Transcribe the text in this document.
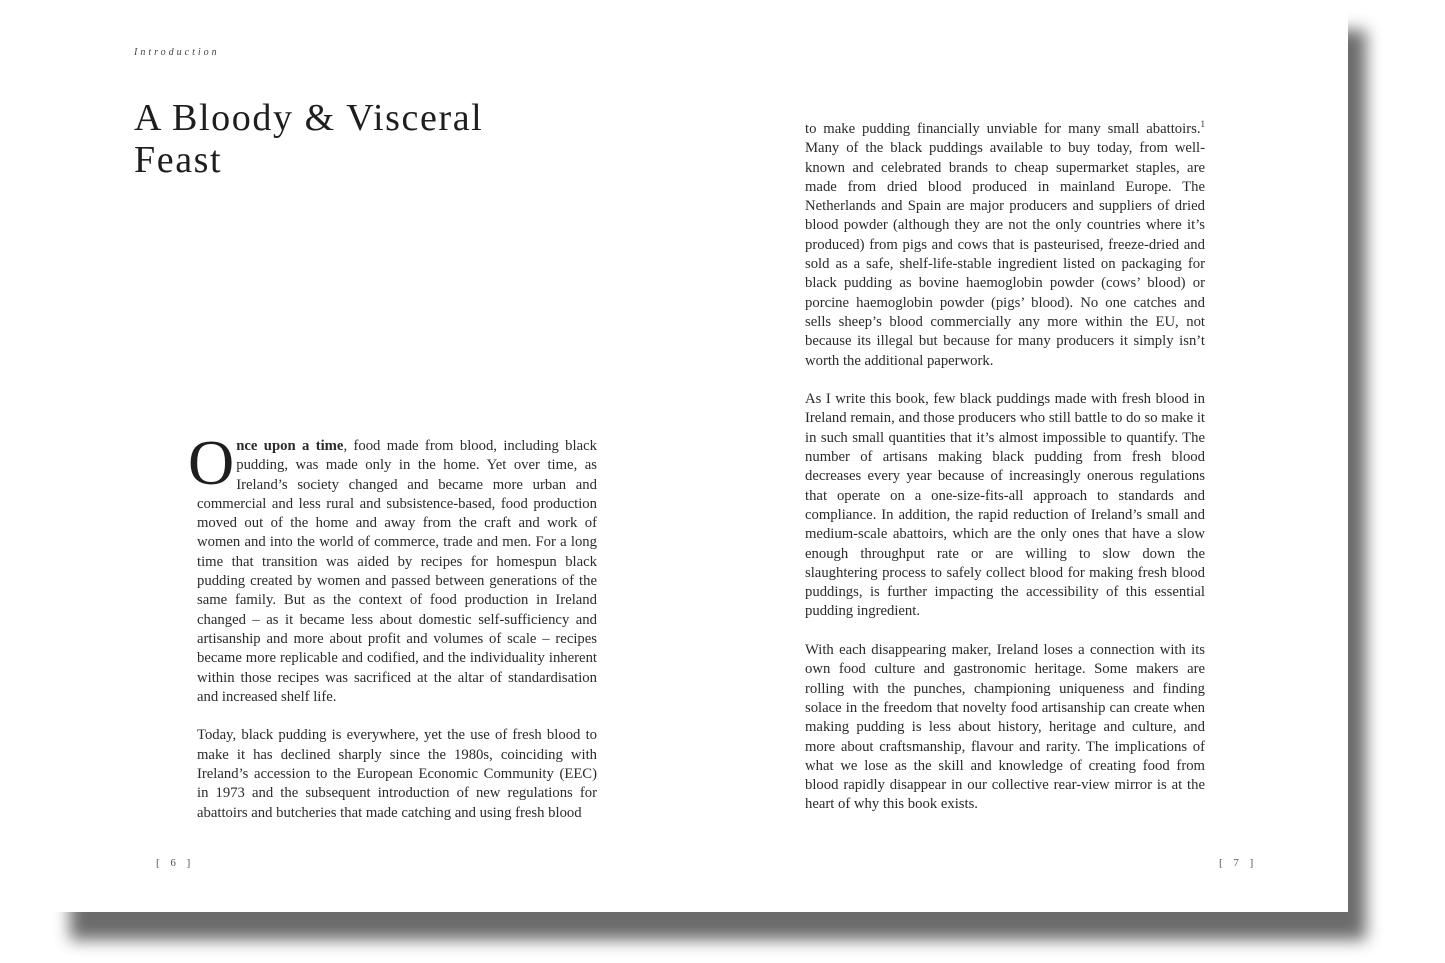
Introduction
A Bloody & Visceral
Feast

Once upon a time, food made from blood, including black pudding, was made only in the home. Yet over time, as Ireland’s society changed and became more urban and commercial and less rural and subsistence-based, food production moved out of the home and away from the craft and work of women and into the world of commerce, trade and men. For a long time that transition was aided by recipes for homespun black pudding created by women and passed between generations of the same family. But as the context of food production in Ireland changed – as it became less about domestic self-sufficiency and artisanship and more about profit and volumes of scale – recipes became more replicable and codified, and the individuality inherent within those recipes was sacrificed at the altar of standardisation and increased shelf life.

Today, black pudding is everywhere, yet the use of fresh blood to make it has declined sharply since the 1980s, coinciding with Ireland’s accession to the European Economic Community (EEC) in 1973 and the subsequent introduction of new regulations for abattoirs and butcheries that made catching and using fresh blood

to make pudding financially unviable for many small abattoirs.$^1$ Many of the black puddings available to buy today, from well-known and celebrated brands to cheap supermarket staples, are made from dried blood produced in mainland Europe. The Netherlands and Spain are major producers and suppliers of dried blood powder (although they are not the only countries where it’s produced) from pigs and cows that is pasteurised, freeze-dried and sold as a safe, shelf-life-stable ingredient listed on packaging for black pudding as bovine haemoglobin powder (cows’ blood) or porcine haemoglobin powder (pigs’ blood). No one catches and sells sheep’s blood commercially any more within the EU, not because its illegal but because for many producers it simply isn’t worth the additional paperwork.

As I write this book, few black puddings made with fresh blood in Ireland remain, and those producers who still battle to do so make it in such small quantities that it’s almost impossible to quantify. The number of artisans making black pudding from fresh blood decreases every year because of increasingly onerous regulations that operate on a one-size-fits-all approach to standards and compliance. In addition, the rapid reduction of Ireland’s small and medium-scale abattoirs, which are the only ones that have a slow enough throughput rate or are willing to slow down the slaughtering process to safely collect blood for making fresh blood puddings, is further impacting the accessibility of this essential pudding ingredient.

With each disappearing maker, Ireland loses a connection with its own food culture and gastronomic heritage. Some makers are rolling with the punches, championing uniqueness and finding solace in the freedom that novelty food artisanship can create when making pudding is less about history, heritage and culture, and more about craftsmanship, flavour and rarity. The implications of what we lose as the skill and knowledge of creating food from blood rapidly disappear in our collective rear-view mirror is at the heart of why this book exists.

[ 6 ]	[ 7 ]
